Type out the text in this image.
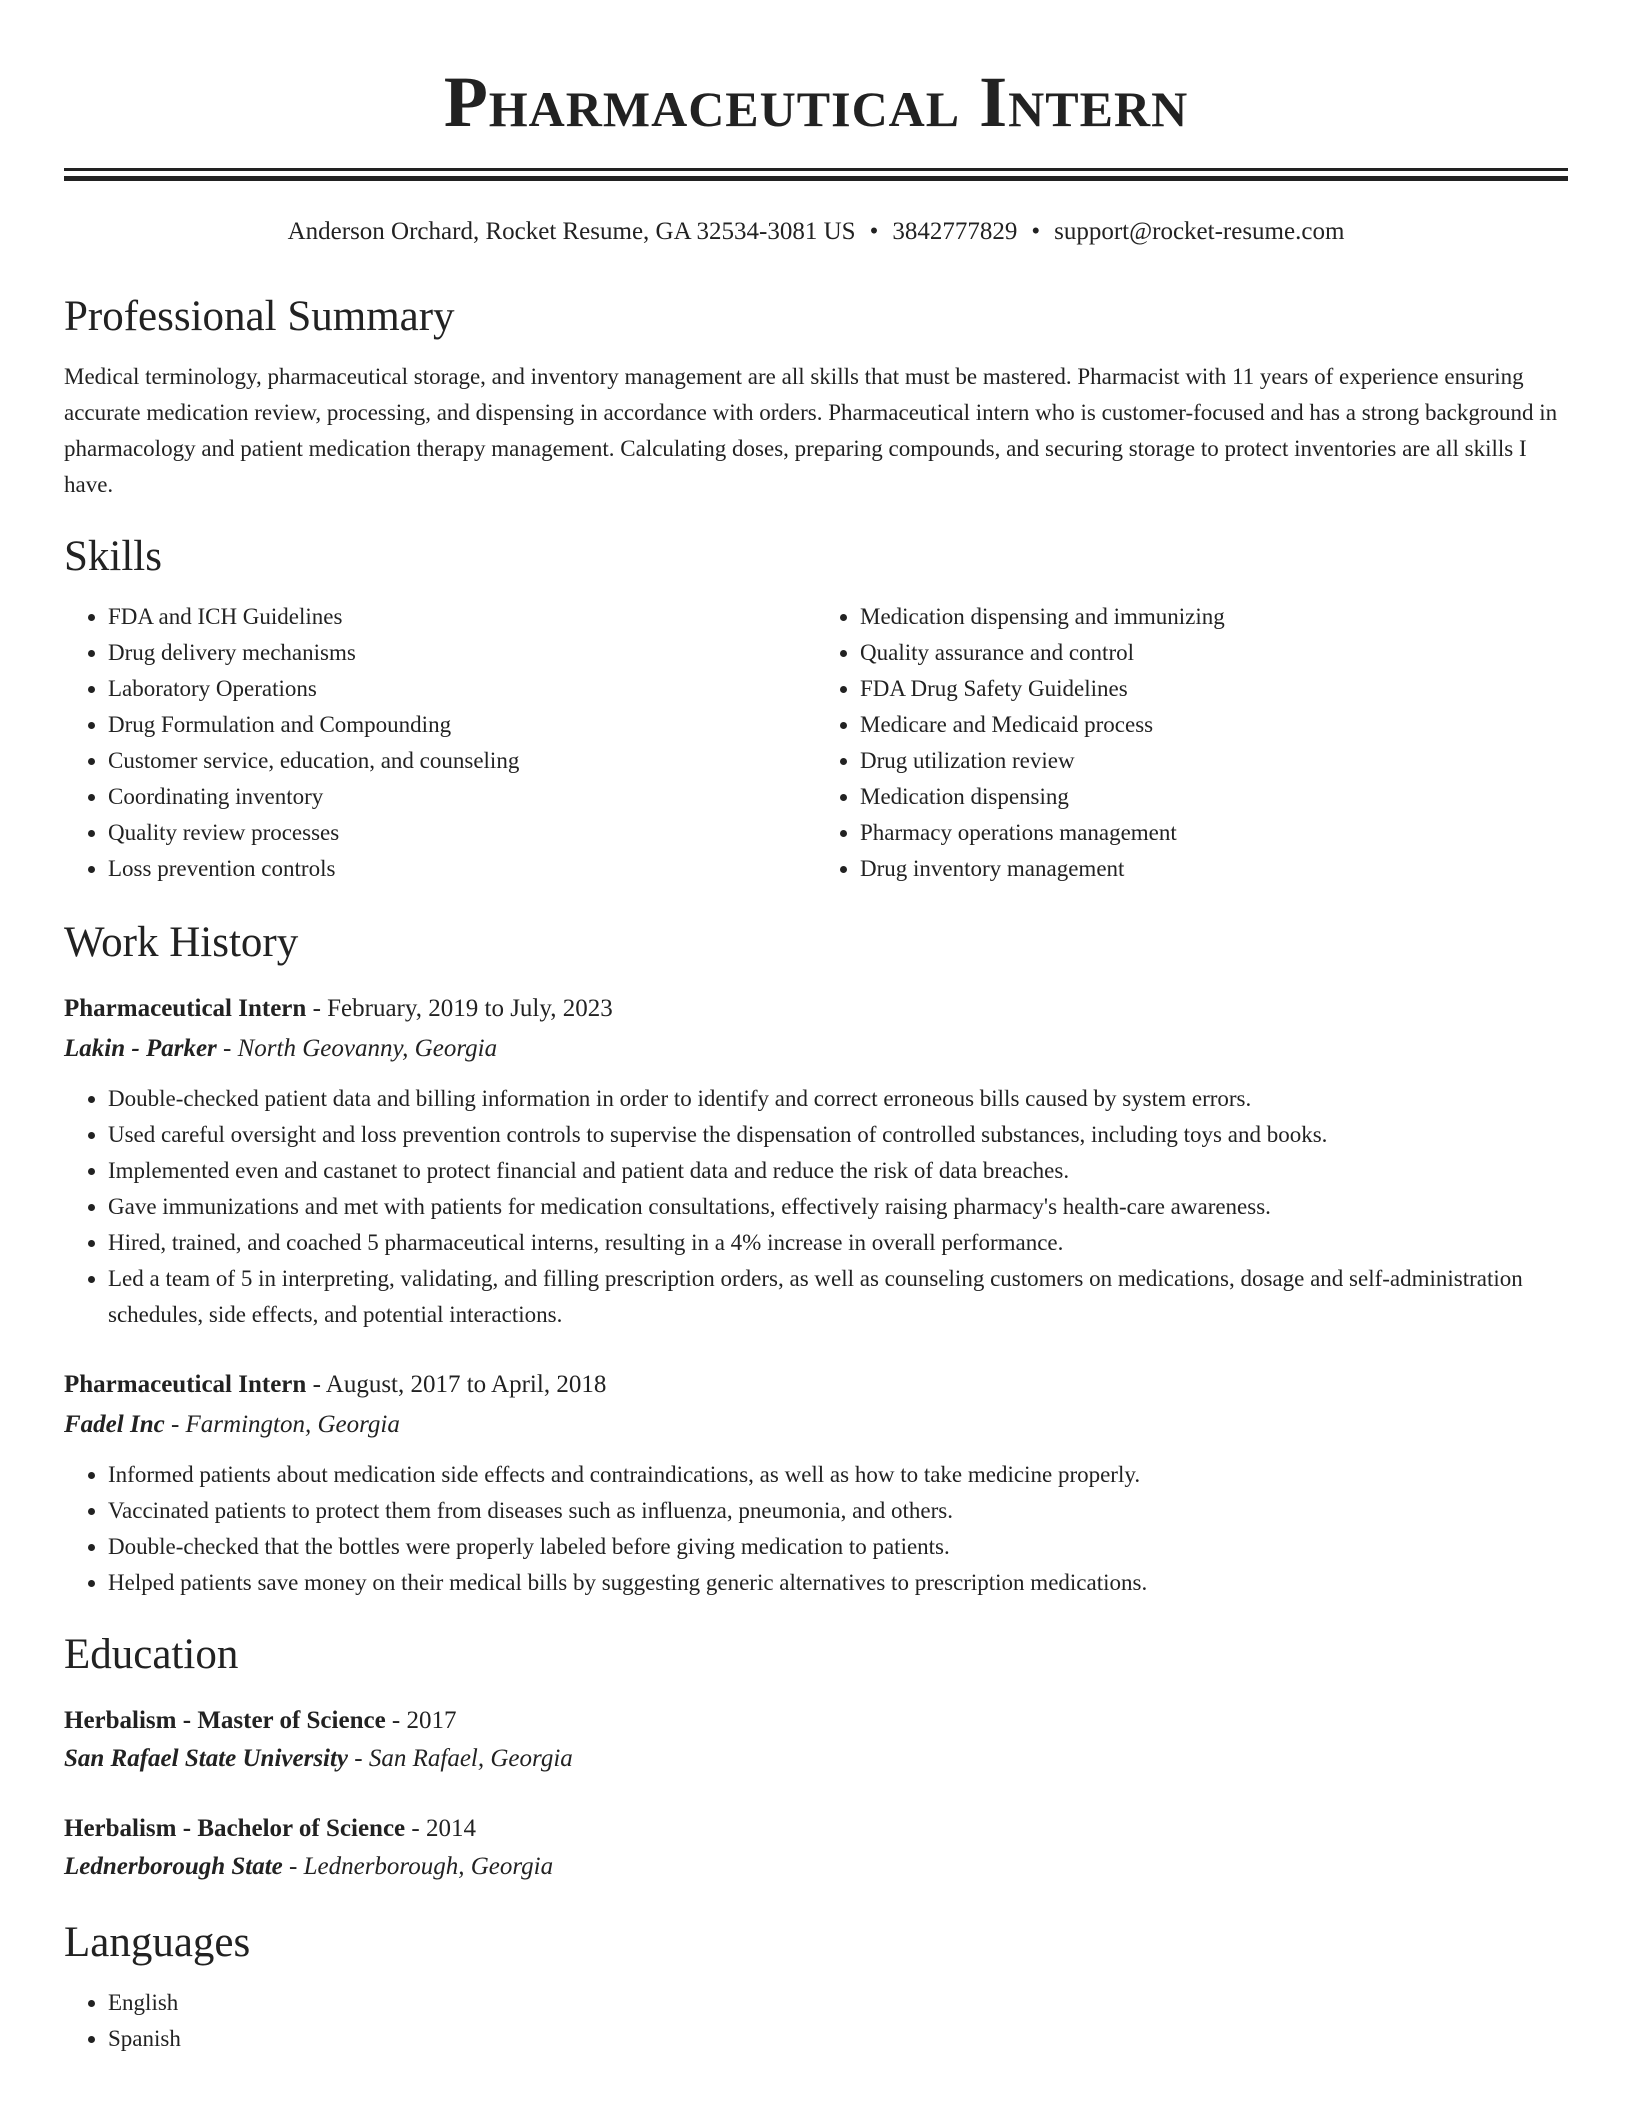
Pharmaceutical Intern
Anderson Orchard, Rocket Resume, GA 32534-3081 US • 3842777829 • support@rocket-resume.com
Professional Summary

Medical terminology, pharmaceutical storage, and inventory management are all skills that must be mastered. Pharmacist with 11 years of experience ensuring accurate medication review, processing, and dispensing in accordance with orders. Pharmaceutical intern who is customer-focused and has a strong background in pharmacology and patient medication therapy management. Calculating doses, preparing compounds, and securing storage to protect inventories are all skills I have.

Skills
• FDA and ICH Guidelines
• Drug delivery mechanisms
• Laboratory Operations
• Drug Formulation and Compounding
• Customer service, education, and counseling
• Coordinating inventory
• Quality review processes
• Loss prevention controls
• Medication dispensing and immunizing
• Quality assurance and control
• FDA Drug Safety Guidelines
• Medicare and Medicaid process
• Drug utilization review
• Medication dispensing
• Pharmacy operations management
• Drug inventory management
Work History
Pharmaceutical Intern - February, 2019 to July, 2023
Lakin - Parker - North Geovanny, Georgia
• Double-checked patient data and billing information in order to identify and correct erroneous bills caused by system errors.
• Used careful oversight and loss prevention controls to supervise the dispensation of controlled substances, including toys and books.
• Implemented even and castanet to protect financial and patient data and reduce the risk of data breaches.
• Gave immunizations and met with patients for medication consultations, effectively raising pharmacy's health-care awareness.
• Hired, trained, and coached 5 pharmaceutical interns, resulting in a 4% increase in overall performance.
• Led a team of 5 in interpreting, validating, and filling prescription orders, as well as counseling customers on medications, dosage and self-administration schedules, side effects, and potential interactions.
Pharmaceutical Intern - August, 2017 to April, 2018
Fadel Inc - Farmington, Georgia
• Informed patients about medication side effects and contraindications, as well as how to take medicine properly.
• Vaccinated patients to protect them from diseases such as influenza, pneumonia, and others.
• Double-checked that the bottles were properly labeled before giving medication to patients.
• Helped patients save money on their medical bills by suggesting generic alternatives to prescription medications.
Education
Herbalism - Master of Science - 2017
San Rafael State University - San Rafael, Georgia
Herbalism - Bachelor of Science - 2014
Lednerborough State - Lednerborough, Georgia
Languages
• English
• Spanish
